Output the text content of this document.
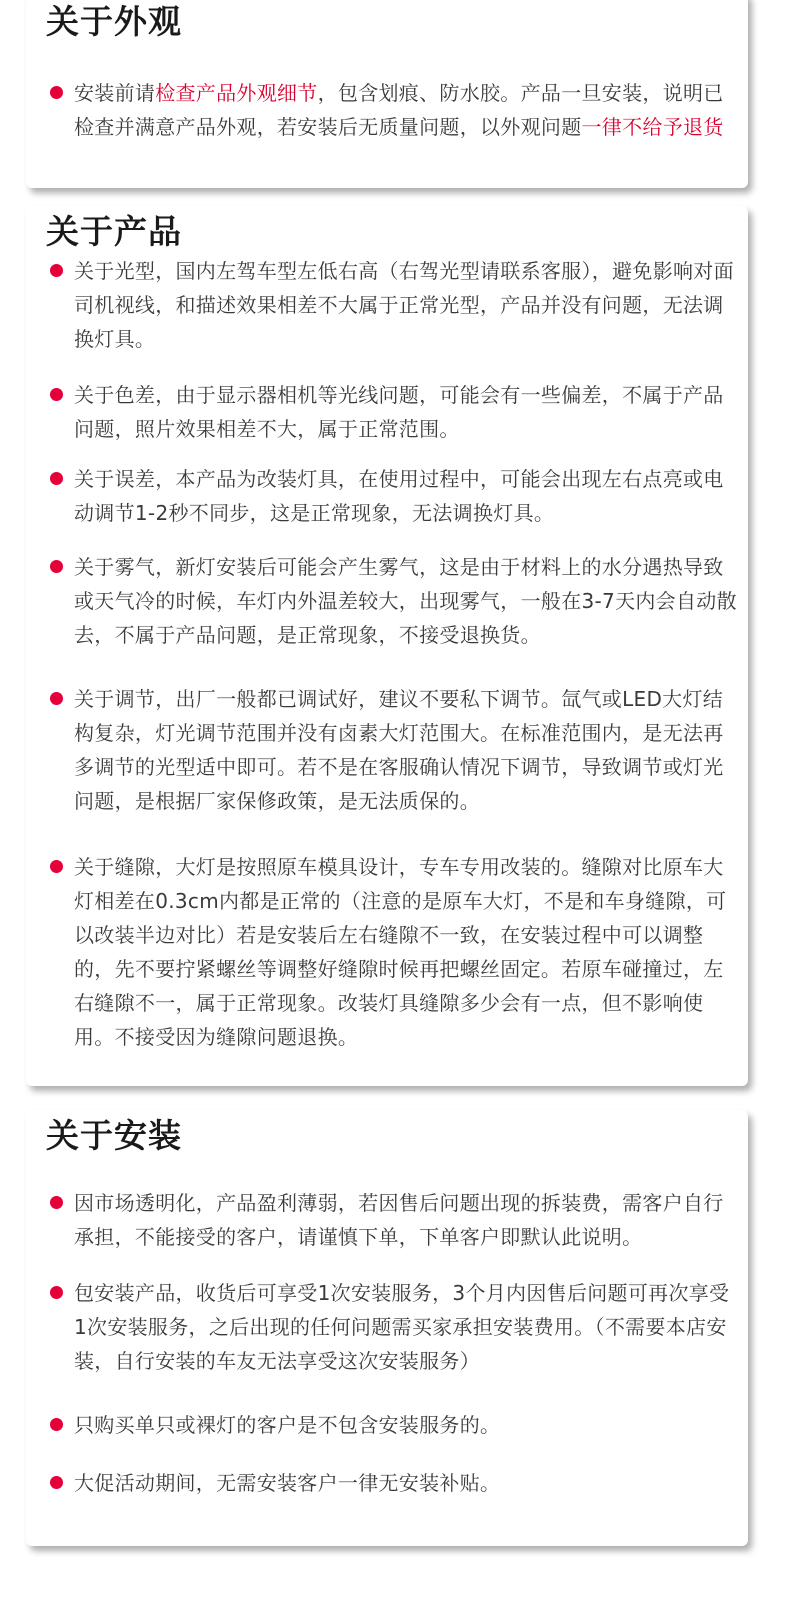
关于外观

安装前请检查产品外观细节，包含划痕、防水胶。产品一旦安装，说明已检查并满意产品外观，若安装后无质量问题，以外观问题一律不给予退货

关于产品

关于光型，国内左驾车型左低右高（右驾光型请联系客服），避免影响对面司机视线，和描述效果相差不大属于正常光型，产品并没有问题，无法调换灯具。

关于色差，由于显示器相机等光线问题，可能会有一些偏差，不属于产品问题，照片效果相差不大，属于正常范围。

关于误差，本产品为改装灯具，在使用过程中，可能会出现左右点亮或电动调节1-2秒不同步，这是正常现象，无法调换灯具。

关于雾气，新灯安装后可能会产生雾气，这是由于材料上的水分遇热导致或天气冷的时候，车灯内外温差较大，出现雾气，一般在3-7天内会自动散去，不属于产品问题，是正常现象，不接受退换货。

关于调节，出厂一般都已调试好，建议不要私下调节。氙气或LED大灯结构复杂，灯光调节范围并没有卤素大灯范围大。在标准范围内，是无法再多调节的光型适中即可。若不是在客服确认情况下调节，导致调节或灯光问题，是根据厂家保修政策，是无法质保的。

关于缝隙，大灯是按照原车模具设计，专车专用改装的。缝隙对比原车大灯相差在0.3cm内都是正常的（注意的是原车大灯，不是和车身缝隙，可以改装半边对比）若是安装后左右缝隙不一致，在安装过程中可以调整的，先不要拧紧螺丝等调整好缝隙时候再把螺丝固定。若原车碰撞过，左右缝隙不一，属于正常现象。改装灯具缝隙多少会有一点，但不影响使用。不接受因为缝隙问题退换。

关于安装

因市场透明化，产品盈利薄弱，若因售后问题出现的拆装费，需客户自行承担，不能接受的客户，请谨慎下单，下单客户即默认此说明。

包安装产品，收货后可享受1次安装服务，3个月内因售后问题可再次享受1次安装服务，之后出现的任何问题需买家承担安装费用。（不需要本店安装，自行安装的车友无法享受这次安装服务）

只购买单只或裸灯的客户是不包含安装服务的。

大促活动期间，无需安装客户一律无安装补贴。
